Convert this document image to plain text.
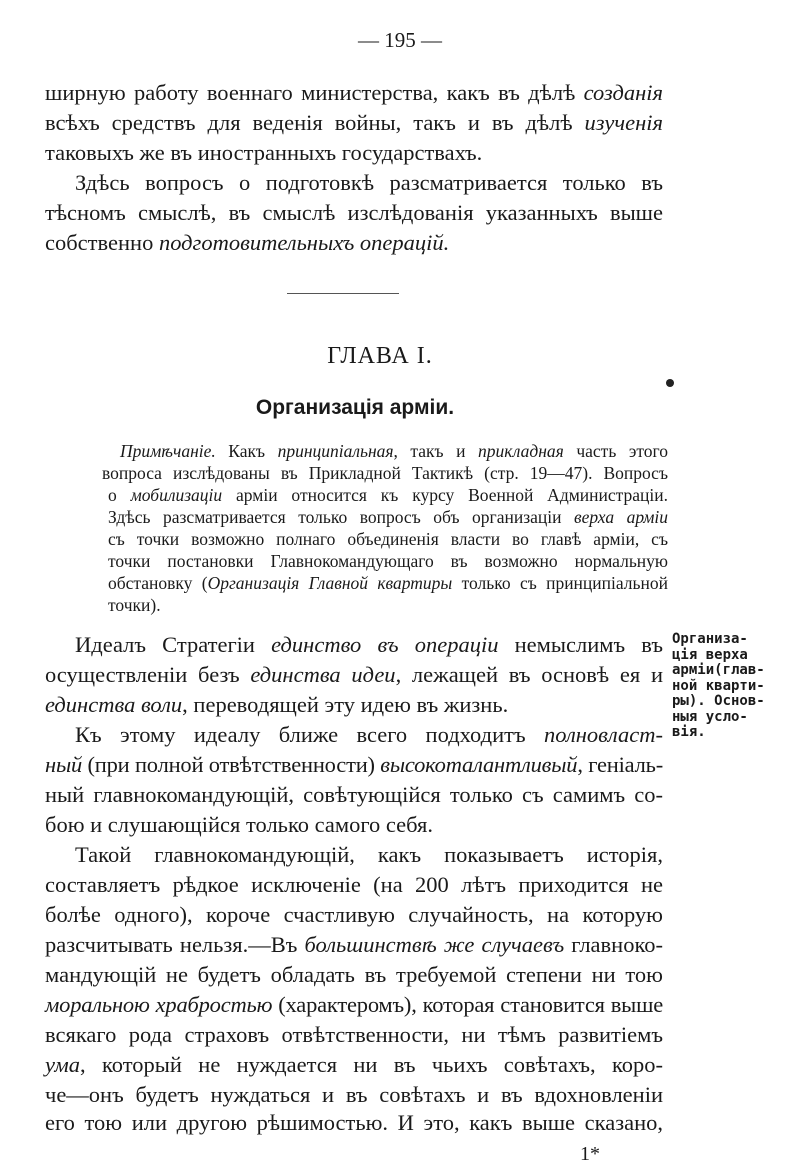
— 195 —
ширную работу военнаго министерства, какъ въ дѣлѣ созданія
всѣхъ средствъ для веденія войны, такъ и въ дѣлѣ изученія
таковыхъ же въ иностранныхъ государствахъ.
Здѣсь вопросъ о подготовкѣ разсматривается только въ
тѣсномъ смыслѣ, въ смыслѣ изслѣдованія указанныхъ выше
собственно подготовительныхъ операцій.
ГЛАВА I.
Организація арміи.
Примѣчаніе. Какъ принципіальная, такъ и прикладная часть этого
вопроса изслѣдованы въ Прикладной Тактикѣ (стр. 19—47). Вопросъ
о мобилизаціи арміи относится къ курсу Военной Администраціи.
Здѣсь разсматривается только вопросъ объ организаціи верха арміи
съ точки возможно полнаго объединенія власти во главѣ арміи, съ
точки постановки Главнокомандующаго въ возможно нормальную
обстановку (Организація Главной квартиры только съ принципіальной
точки).
Идеалъ Стратегіи единство въ операціи немыслимъ въ
осуществленіи безъ единства идеи, лежащей въ основѣ ея и
единства воли, переводящей эту идею въ жизнь.
Къ этому идеалу ближе всего подходитъ полновласт-
ный (при полной отвѣтственности) высокоталантливый, геніаль-
ный главнокомандующій, совѣтующійся только съ самимъ со-
бою и слушающійся только самого себя.
Такой главнокомандующій, какъ показываетъ исторія,
составляетъ рѣдкое исключеніе (на 200 лѣтъ приходится не
болѣе одного), короче счастливую случайность, на которую
разсчитывать нельзя.—Въ большинствѣ же случаевъ главноко-
мандующій не будетъ обладать въ требуемой степени ни тою
моральною храбростью (характеромъ), которая становится выше
всякаго рода страховъ отвѣтственности, ни тѣмъ развитіемъ
ума, который не нуждается ни въ чьихъ совѣтахъ, коро-
че—онъ будетъ нуждаться и въ совѣтахъ и въ вдохновленіи
его тою или другою рѣшимостью. И это, какъ выше сказано,
Организа-
ція верха
арміи(глав-
ной кварти-
ры). Основ-
ныя усло-
вія.
1*
